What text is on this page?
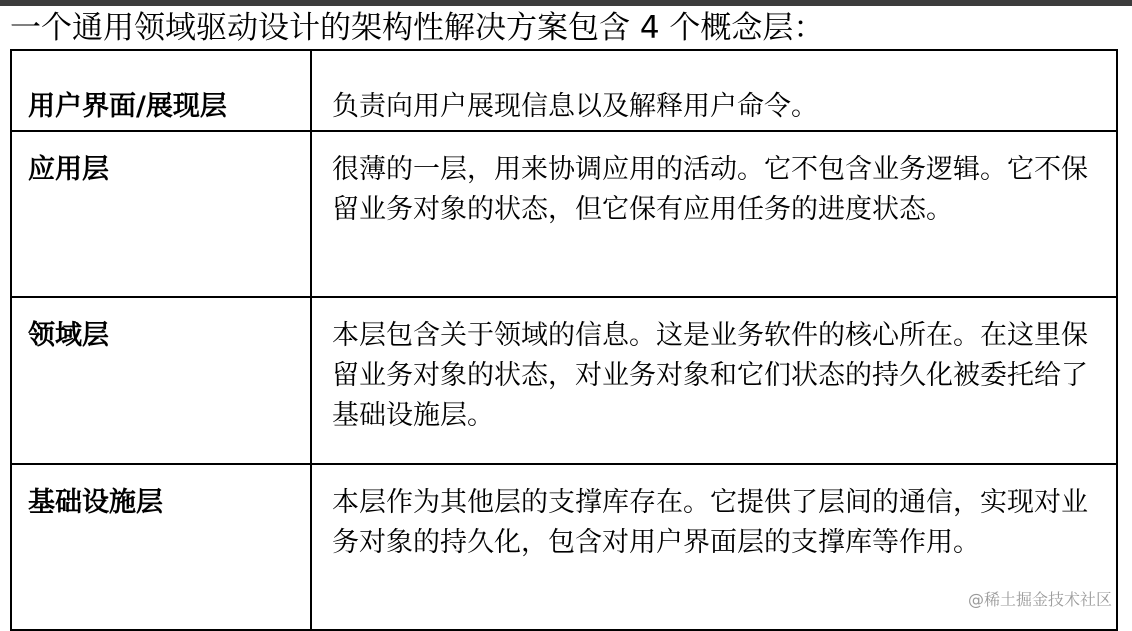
一个通用领域驱动设计的架构性解决方案包含 4 个概念层：
用户界面/展现层	负责向用户展现信息以及解释用户命令。

应用层	很薄的一层，用来协调应用的活动。它不包含业务逻辑。它不保留业务对象的状态，但它保有应用任务的进度状态。

领域层	本层包含关于领域的信息。这是业务软件的核心所在。在这里保留业务对象的状态，对业务对象和它们状态的持久化被委托给了基础设施层。

基础设施层	本层作为其他层的支撑库存在。它提供了层间的通信，实现对业务对象的持久化，包含对用户界面层的支撑库等作用。
@稀土掘金技术社区
